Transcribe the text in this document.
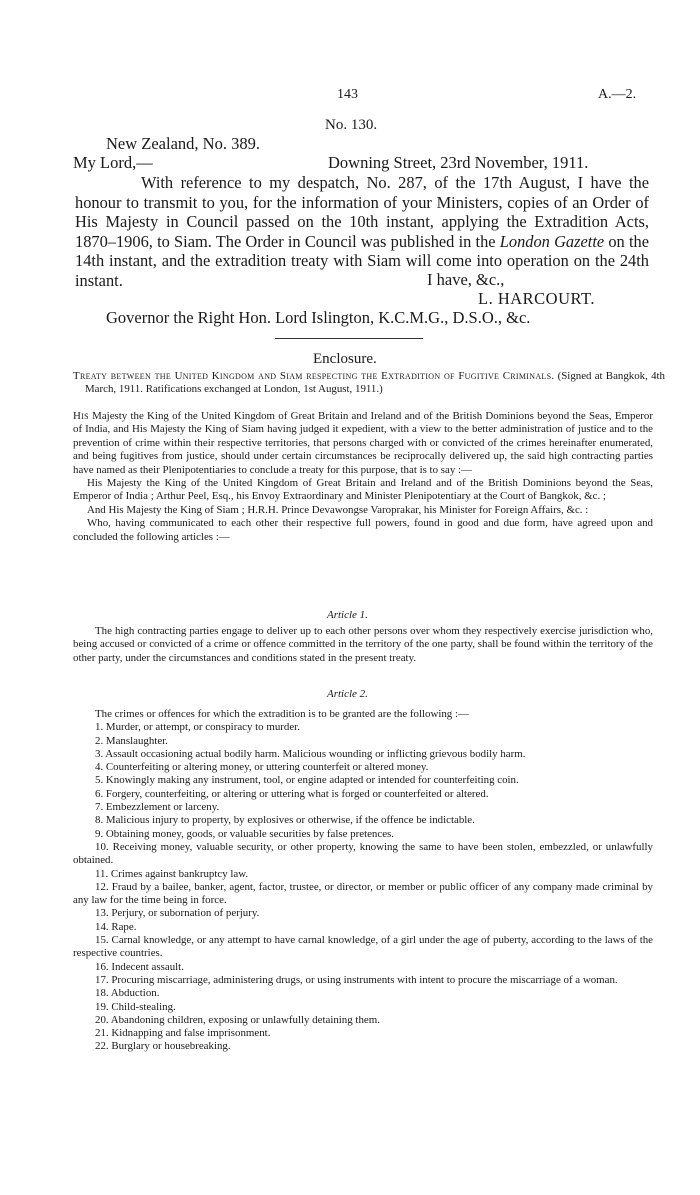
143	A.—2.
No. 130.
New Zealand, No. 389.
My Lord,—	Downing Street, 23rd November, 1911.
With reference to my despatch, No. 287, of the 17th August, I have the honour to transmit to you, for the information of your Ministers, copies of an Order of His Majesty in Council passed on the 10th instant, applying the Extradition Acts, 1870–1906, to Siam. The Order in Council was published in the London Gazette on the 14th instant, and the extradition treaty with Siam will come into operation on the 24th instant.	I have, &c.,
L. HARCOURT.
Governor the Right Hon. Lord Islington, K.C.M.G., D.S.O., &c.
Enclosure.
Treaty between the United Kingdom and Siam respecting the Extradition of Fugitive Criminals. (Signed at Bangkok, 4th March, 1911. Ratifications exchanged at London, 1st August, 1911.)

His Majesty the King of the United Kingdom of Great Britain and Ireland and of the British Dominions beyond the Seas, Emperor of India, and His Majesty the King of Siam having judged it expedient, with a view to the better administration of justice and to the prevention of crime within their respective territories, that persons charged with or convicted of the crimes hereinafter enumerated, and being fugitives from justice, should under certain circumstances be reciprocally delivered up, the said high contracting parties have named as their Plenipotentiaries to conclude a treaty for this purpose, that is to say :—

His Majesty the King of the United Kingdom of Great Britain and Ireland and of the British Dominions beyond the Seas, Emperor of India ; Arthur Peel, Esq., his Envoy Extraordinary and Minister Plenipotentiary at the Court of Bangkok, &c. ;

And His Majesty the King of Siam ; H.R.H. Prince Devawongse Varoprakar, his Minister for Foreign Affairs, &c. :

Who, having communicated to each other their respective full powers, found in good and due form, have agreed upon and concluded the following articles :—

Article 1.

The high contracting parties engage to deliver up to each other persons over whom they respectively exercise jurisdiction who, being accused or convicted of a crime or offence committed in the territory of the one party, shall be found within the territory of the other party, under the circumstances and conditions stated in the present treaty.

Article 2.

The crimes or offences for which the extradition is to be granted are the following :—

1. Murder, or attempt, or conspiracy to murder.

2. Manslaughter.

3. Assault occasioning actual bodily harm. Malicious wounding or inflicting grievous bodily harm.

4. Counterfeiting or altering money, or uttering counterfeit or altered money.

5. Knowingly making any instrument, tool, or engine adapted or intended for counterfeiting coin.

6. Forgery, counterfeiting, or altering or uttering what is forged or counterfeited or altered.

7. Embezzlement or larceny.

8. Malicious injury to property, by explosives or otherwise, if the offence be indictable.

9. Obtaining money, goods, or valuable securities by false pretences.

10. Receiving money, valuable security, or other property, knowing the same to have been stolen, embezzled, or unlawfully obtained.

11. Crimes against bankruptcy law.

12. Fraud by a bailee, banker, agent, factor, trustee, or director, or member or public officer of any company made criminal by any law for the time being in force.

13. Perjury, or subornation of perjury.

14. Rape.

15. Carnal knowledge, or any attempt to have carnal knowledge, of a girl under the age of puberty, according to the laws of the respective countries.

16. Indecent assault.

17. Procuring miscarriage, administering drugs, or using instruments with intent to procure the miscarriage of a woman.

18. Abduction.

19. Child-stealing.

20. Abandoning children, exposing or unlawfully detaining them.

21. Kidnapping and false imprisonment.

22. Burglary or housebreaking.
